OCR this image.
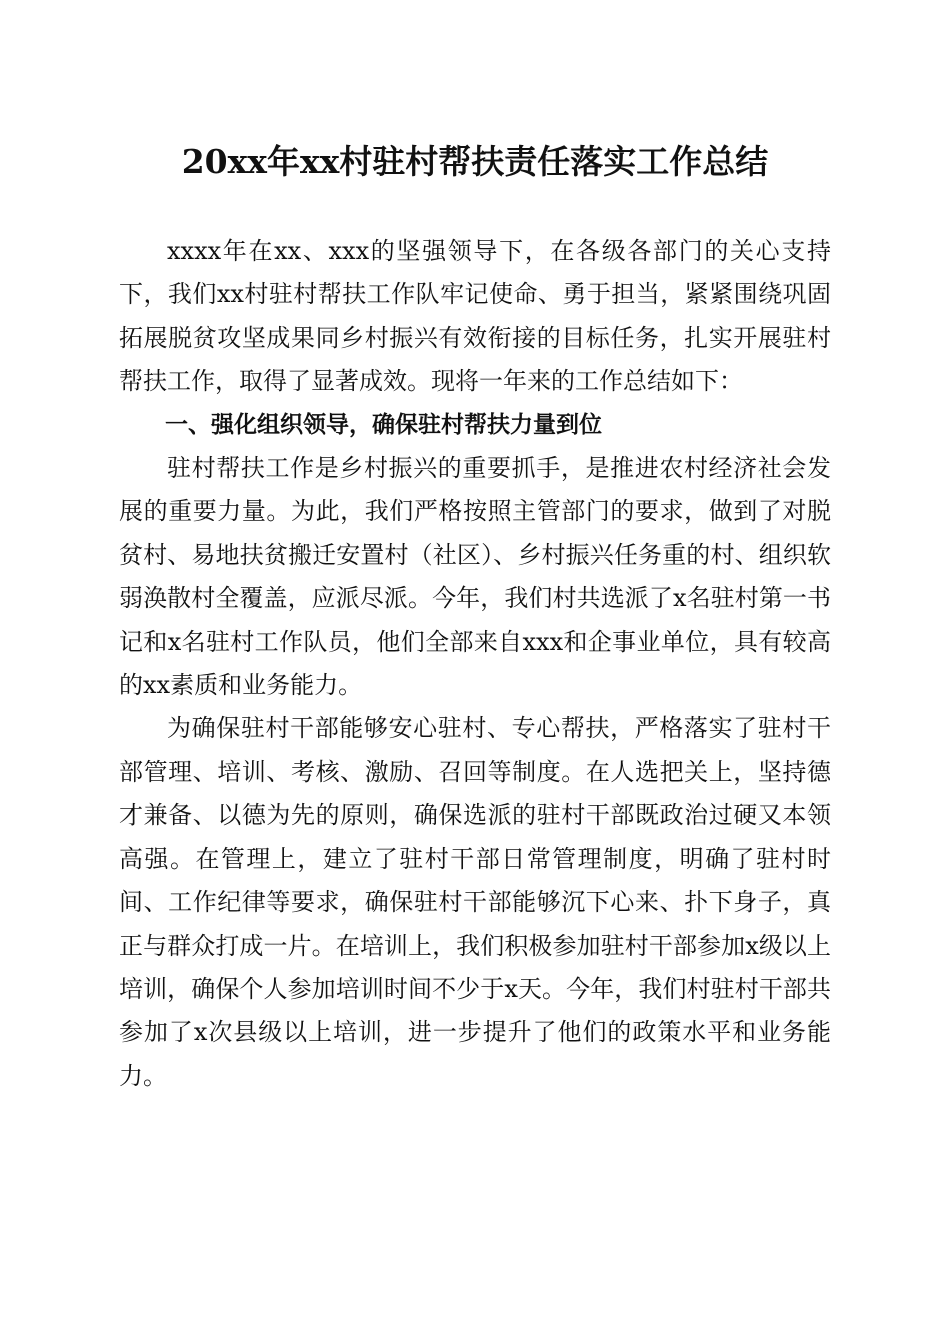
20xx年xx村驻村帮扶责任落实工作总结

xxxx年在xx、xxx的坚强领导下，在各级各部门的关心支持下，我们xx村驻村帮扶工作队牢记使命、勇于担当，紧紧围绕巩固拓展脱贫攻坚成果同乡村振兴有效衔接的目标任务，扎实开展驻村帮扶工作，取得了显著成效。现将一年来的工作总结如下：

一、强化组织领导，确保驻村帮扶力量到位

驻村帮扶工作是乡村振兴的重要抓手，是推进农村经济社会发展的重要力量。为此，我们严格按照主管部门的要求，做到了对脱贫村、易地扶贫搬迁安置村（社区）、乡村振兴任务重的村、组织软弱涣散村全覆盖，应派尽派。今年，我们村共选派了x名驻村第一书记和x名驻村工作队员，他们全部来自xxx和企事业单位，具有较高的xx素质和业务能力。

为确保驻村干部能够安心驻村、专心帮扶，严格落实了驻村干部管理、培训、考核、激励、召回等制度。在人选把关上，坚持德才兼备、以德为先的原则，确保选派的驻村干部既政治过硬又本领高强。在管理上，建立了驻村干部日常管理制度，明确了驻村时间、工作纪律等要求，确保驻村干部能够沉下心来、扑下身子，真正与群众打成一片。在培训上，我们积极参加驻村干部参加x级以上培训，确保个人参加培训时间不少于x天。今年，我们村驻村干部共参加了x次县级以上培训，进一步提升了他们的政策水平和业务能力。
